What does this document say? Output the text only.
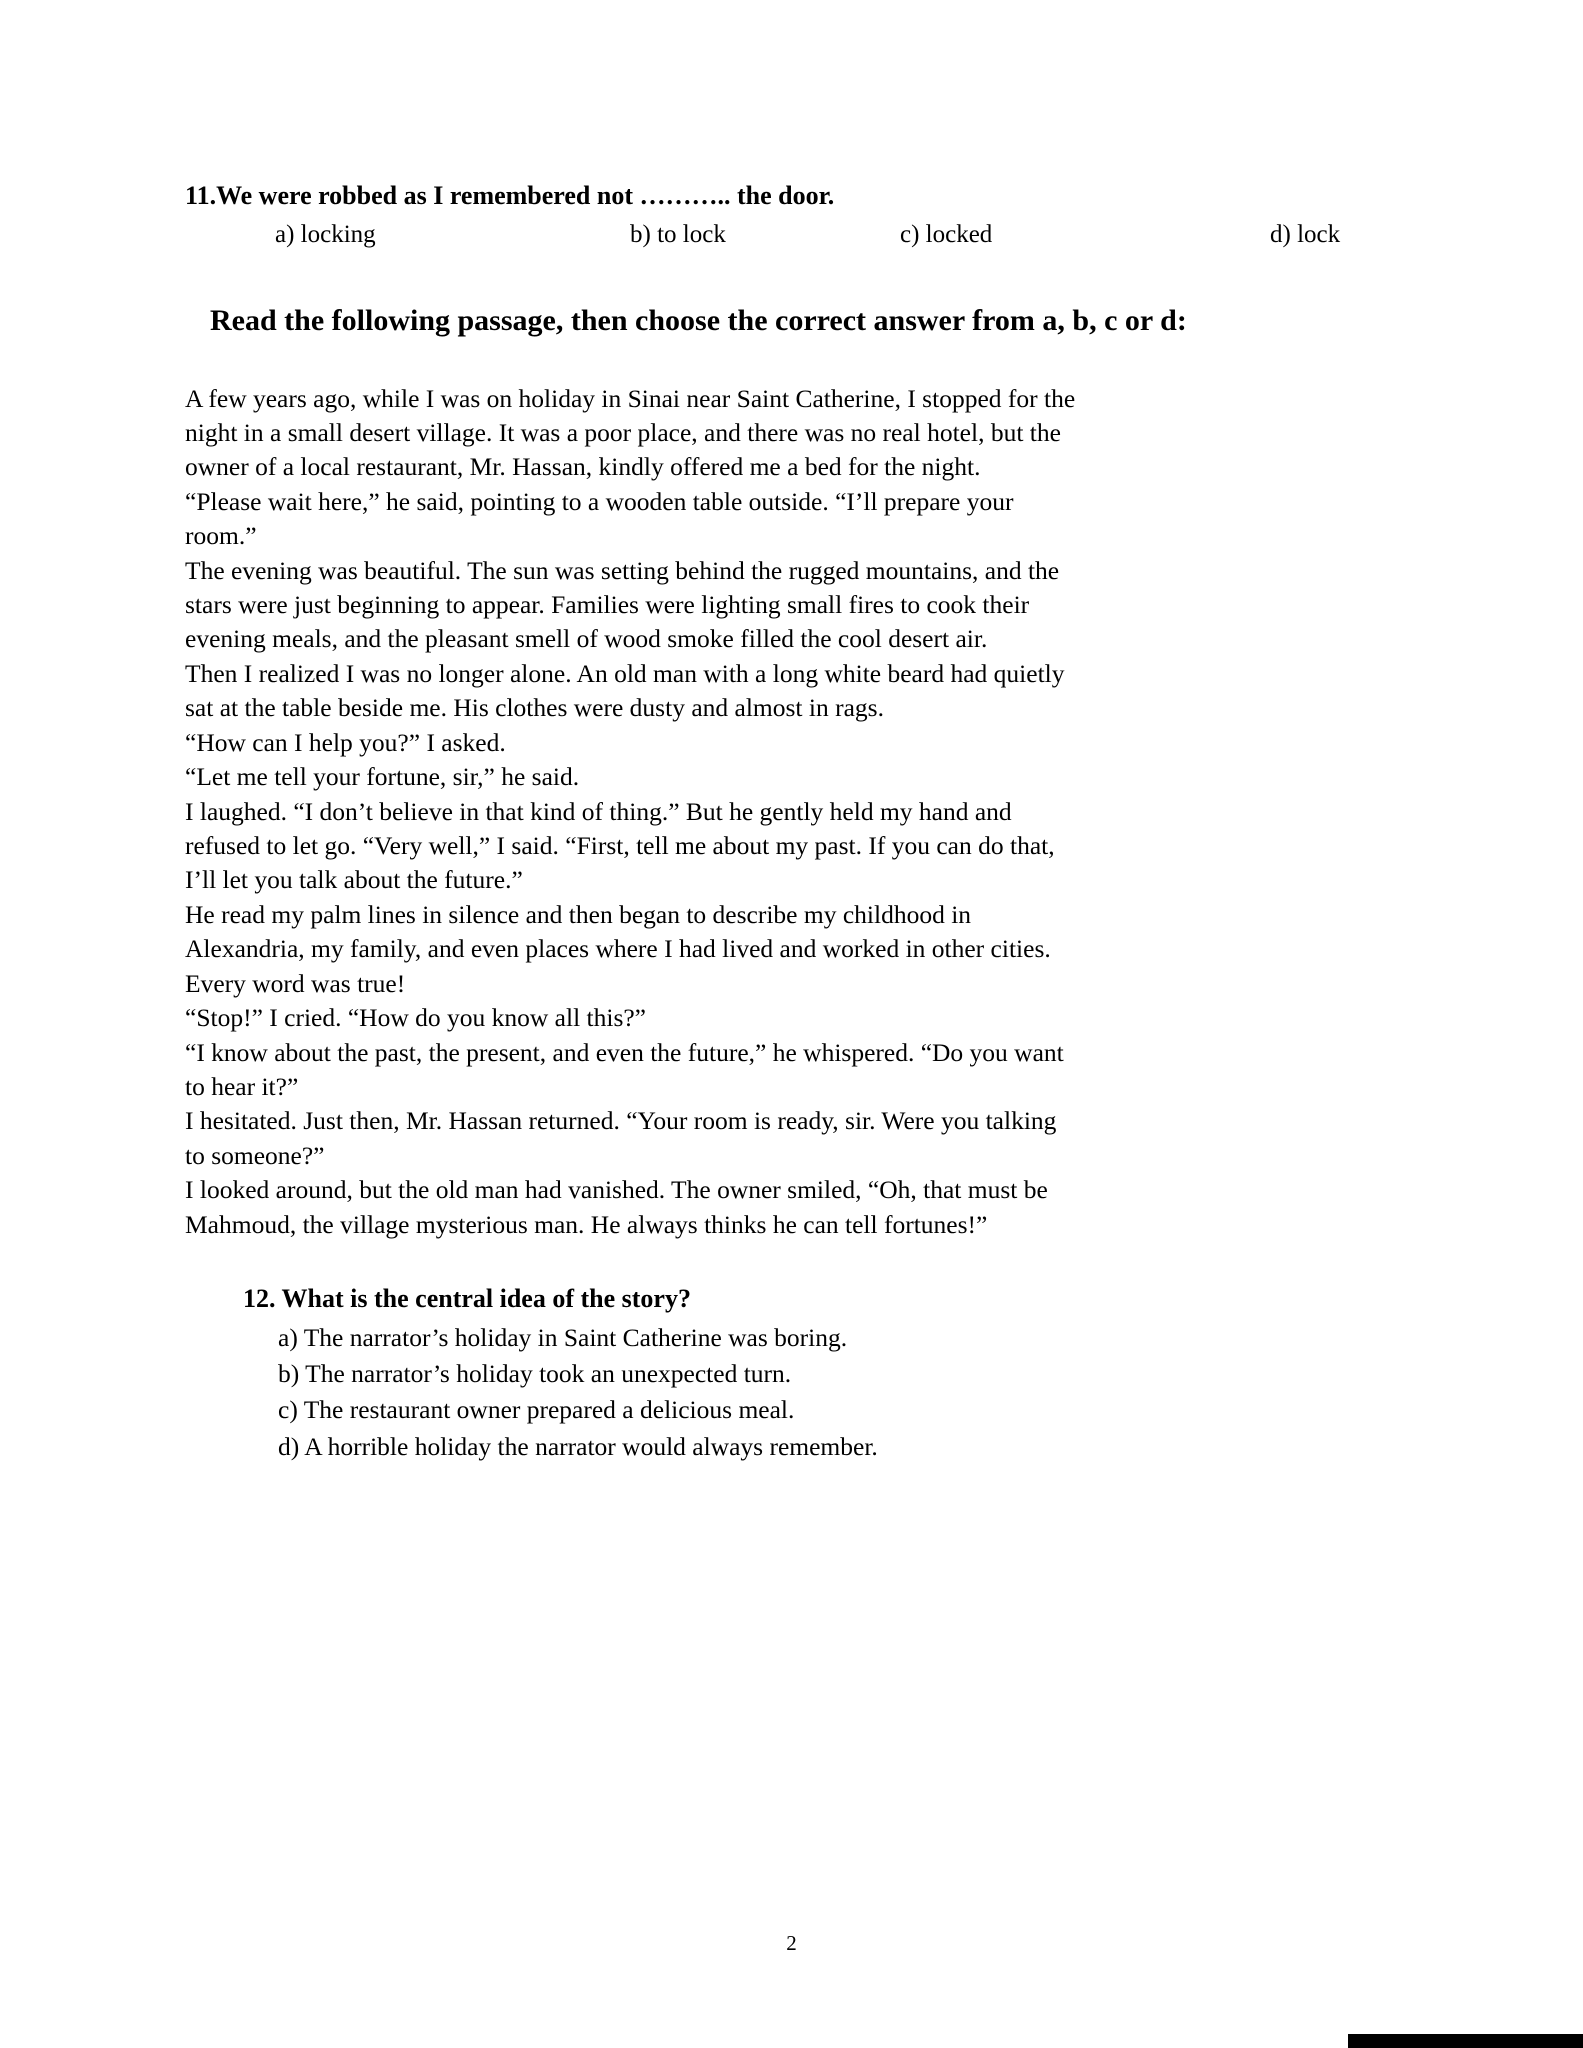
11.We were robbed as I remembered not ……….. the door.
a) locking	b) to lock	c) locked	d) lock
Read the following passage, then choose the correct answer from a, b, c or d:

A few years ago, while I was on holiday in Sinai near Saint Catherine, I stopped for the

night in a small desert village. It was a poor place, and there was no real hotel, but the

owner of a local restaurant, Mr. Hassan, kindly offered me a bed for the night.

“Please wait here,” he said, pointing to a wooden table outside. “I’ll prepare your

room.”

The evening was beautiful. The sun was setting behind the rugged mountains, and the

stars were just beginning to appear. Families were lighting small fires to cook their

evening meals, and the pleasant smell of wood smoke filled the cool desert air.

Then I realized I was no longer alone. An old man with a long white beard had quietly

sat at the table beside me. His clothes were dusty and almost in rags.

“How can I help you?” I asked.

“Let me tell your fortune, sir,” he said.

I laughed. “I don’t believe in that kind of thing.” But he gently held my hand and

refused to let go. “Very well,” I said. “First, tell me about my past. If you can do that,

I’ll let you talk about the future.”

He read my palm lines in silence and then began to describe my childhood in

Alexandria, my family, and even places where I had lived and worked in other cities.

Every word was true!

“Stop!” I cried. “How do you know all this?”

“I know about the past, the present, and even the future,” he whispered. “Do you want

to hear it?”

I hesitated. Just then, Mr. Hassan returned. “Your room is ready, sir. Were you talking

to someone?”

I looked around, but the old man had vanished. The owner smiled, “Oh, that must be

Mahmoud, the village mysterious man. He always thinks he can tell fortunes!”

12. What is the central idea of the story?
a) The narrator’s holiday in Saint Catherine was boring.
b) The narrator’s holiday took an unexpected turn.
c) The restaurant owner prepared a delicious meal.
d) A horrible holiday the narrator would always remember.
2
